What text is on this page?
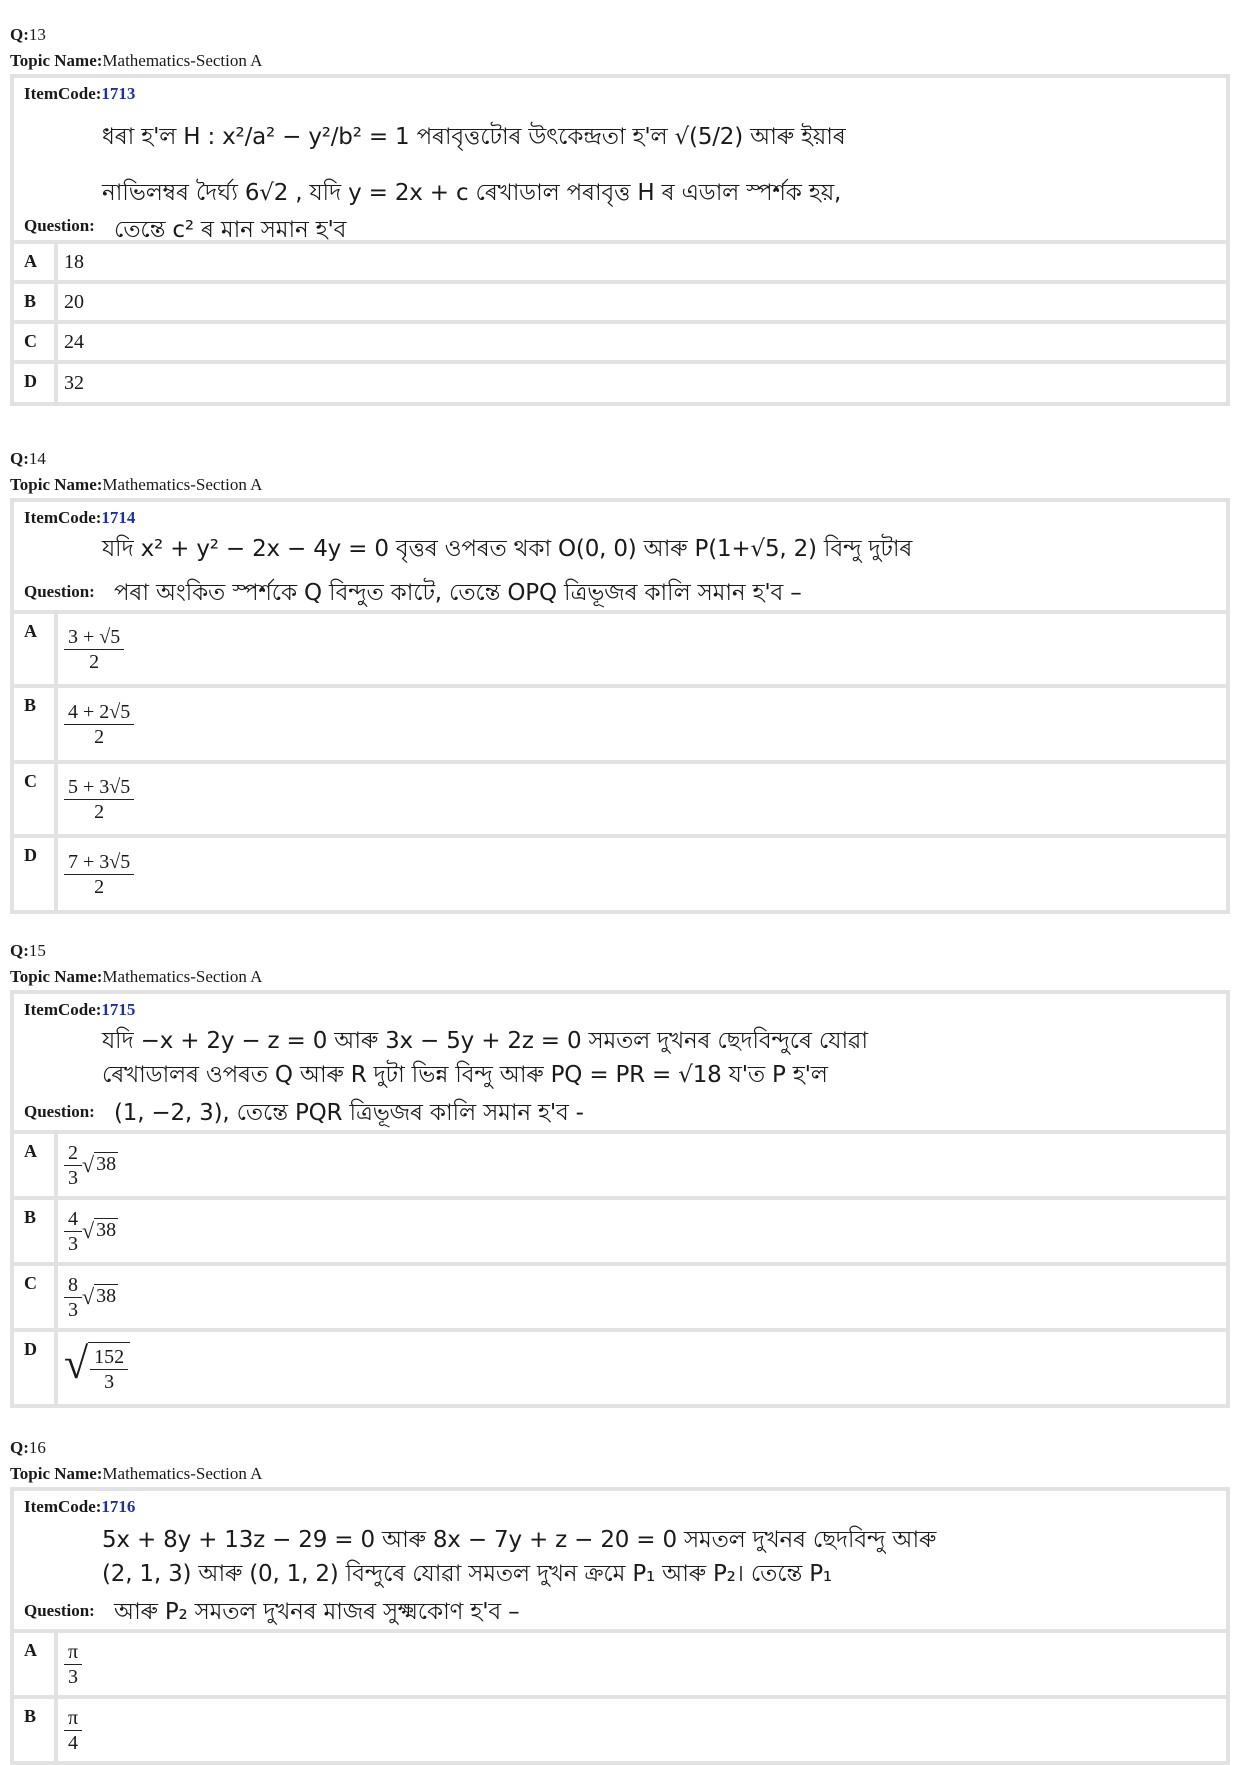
Q:13
Topic Name:Mathematics-Section A
ItemCode:1713
ধৰা হ'ল H : x²/a² − y²/b² = 1 পৰাবৃত্তটোৰ উৎকেন্দ্ৰতা হ'ল √(5/2) আৰু ইয়াৰ
নাভিলম্বৰ দৈৰ্ঘ্য 6√2 , যদি y = 2x + c ৰেখাডাল পৰাবৃত্ত H ৰ এডাল স্পৰ্শক হয়,
Question: তেন্তে c² ৰ মান সমান হ'ব
A	18
B	20
C	24
D	32
Q:14
Topic Name:Mathematics-Section A
ItemCode:1714
যদি x² + y² − 2x − 4y = 0 বৃত্তৰ ওপৰত থকা O(0, 0) আৰু P(1+√5, 2) বিন্দু দুটাৰ
Question: পৰা অংকিত স্পৰ্শকে Q বিন্দুত কাটে, তেন্তে OPQ ত্ৰিভূজৰ কালি সমান হ'ব –
A	$\frac{3 + √5}{2}$
B	$\frac{4 + 2√5}{2}$
C	$\frac{5 + 3√5}{2}$
D	$\frac{7 + 3√5}{2}$
Q:15
Topic Name:Mathematics-Section A
ItemCode:1715
যদি −x + 2y − z = 0 আৰু 3x − 5y + 2z = 0 সমতল দুখনৰ ছেদবিন্দুৰে যোৱা
ৰেখাডালৰ ওপৰত Q আৰু R দুটা ভিন্ন বিন্দু আৰু PQ = PR = √18 য'ত P হ'ল
Question: (1, −2, 3), তেন্তে PQR ত্ৰিভূজৰ কালি সমান হ'ব -
A	$\frac{2}{3}$ √ 38
B	$\frac{4}{3}$ √ 38
C	$\frac{8}{3}$ √ 38
D √ $\frac{152}{3}$
Q:16
Topic Name:Mathematics-Section A
ItemCode:1716
5x + 8y + 13z − 29 = 0 আৰু 8x − 7y + z − 20 = 0 সমতল দুখনৰ ছেদবিন্দু আৰু
(2, 1, 3) আৰু (0, 1, 2) বিন্দুৰে যোৱা সমতল দুখন ক্ৰমে P₁ আৰু P₂। তেন্তে P₁
Question: আৰু P₂ সমতল দুখনৰ মাজৰ সুক্ষ্মকোণ হ'ব –
A	$\frac{\pi}{3}$
B	$\frac{\pi}{4}$
